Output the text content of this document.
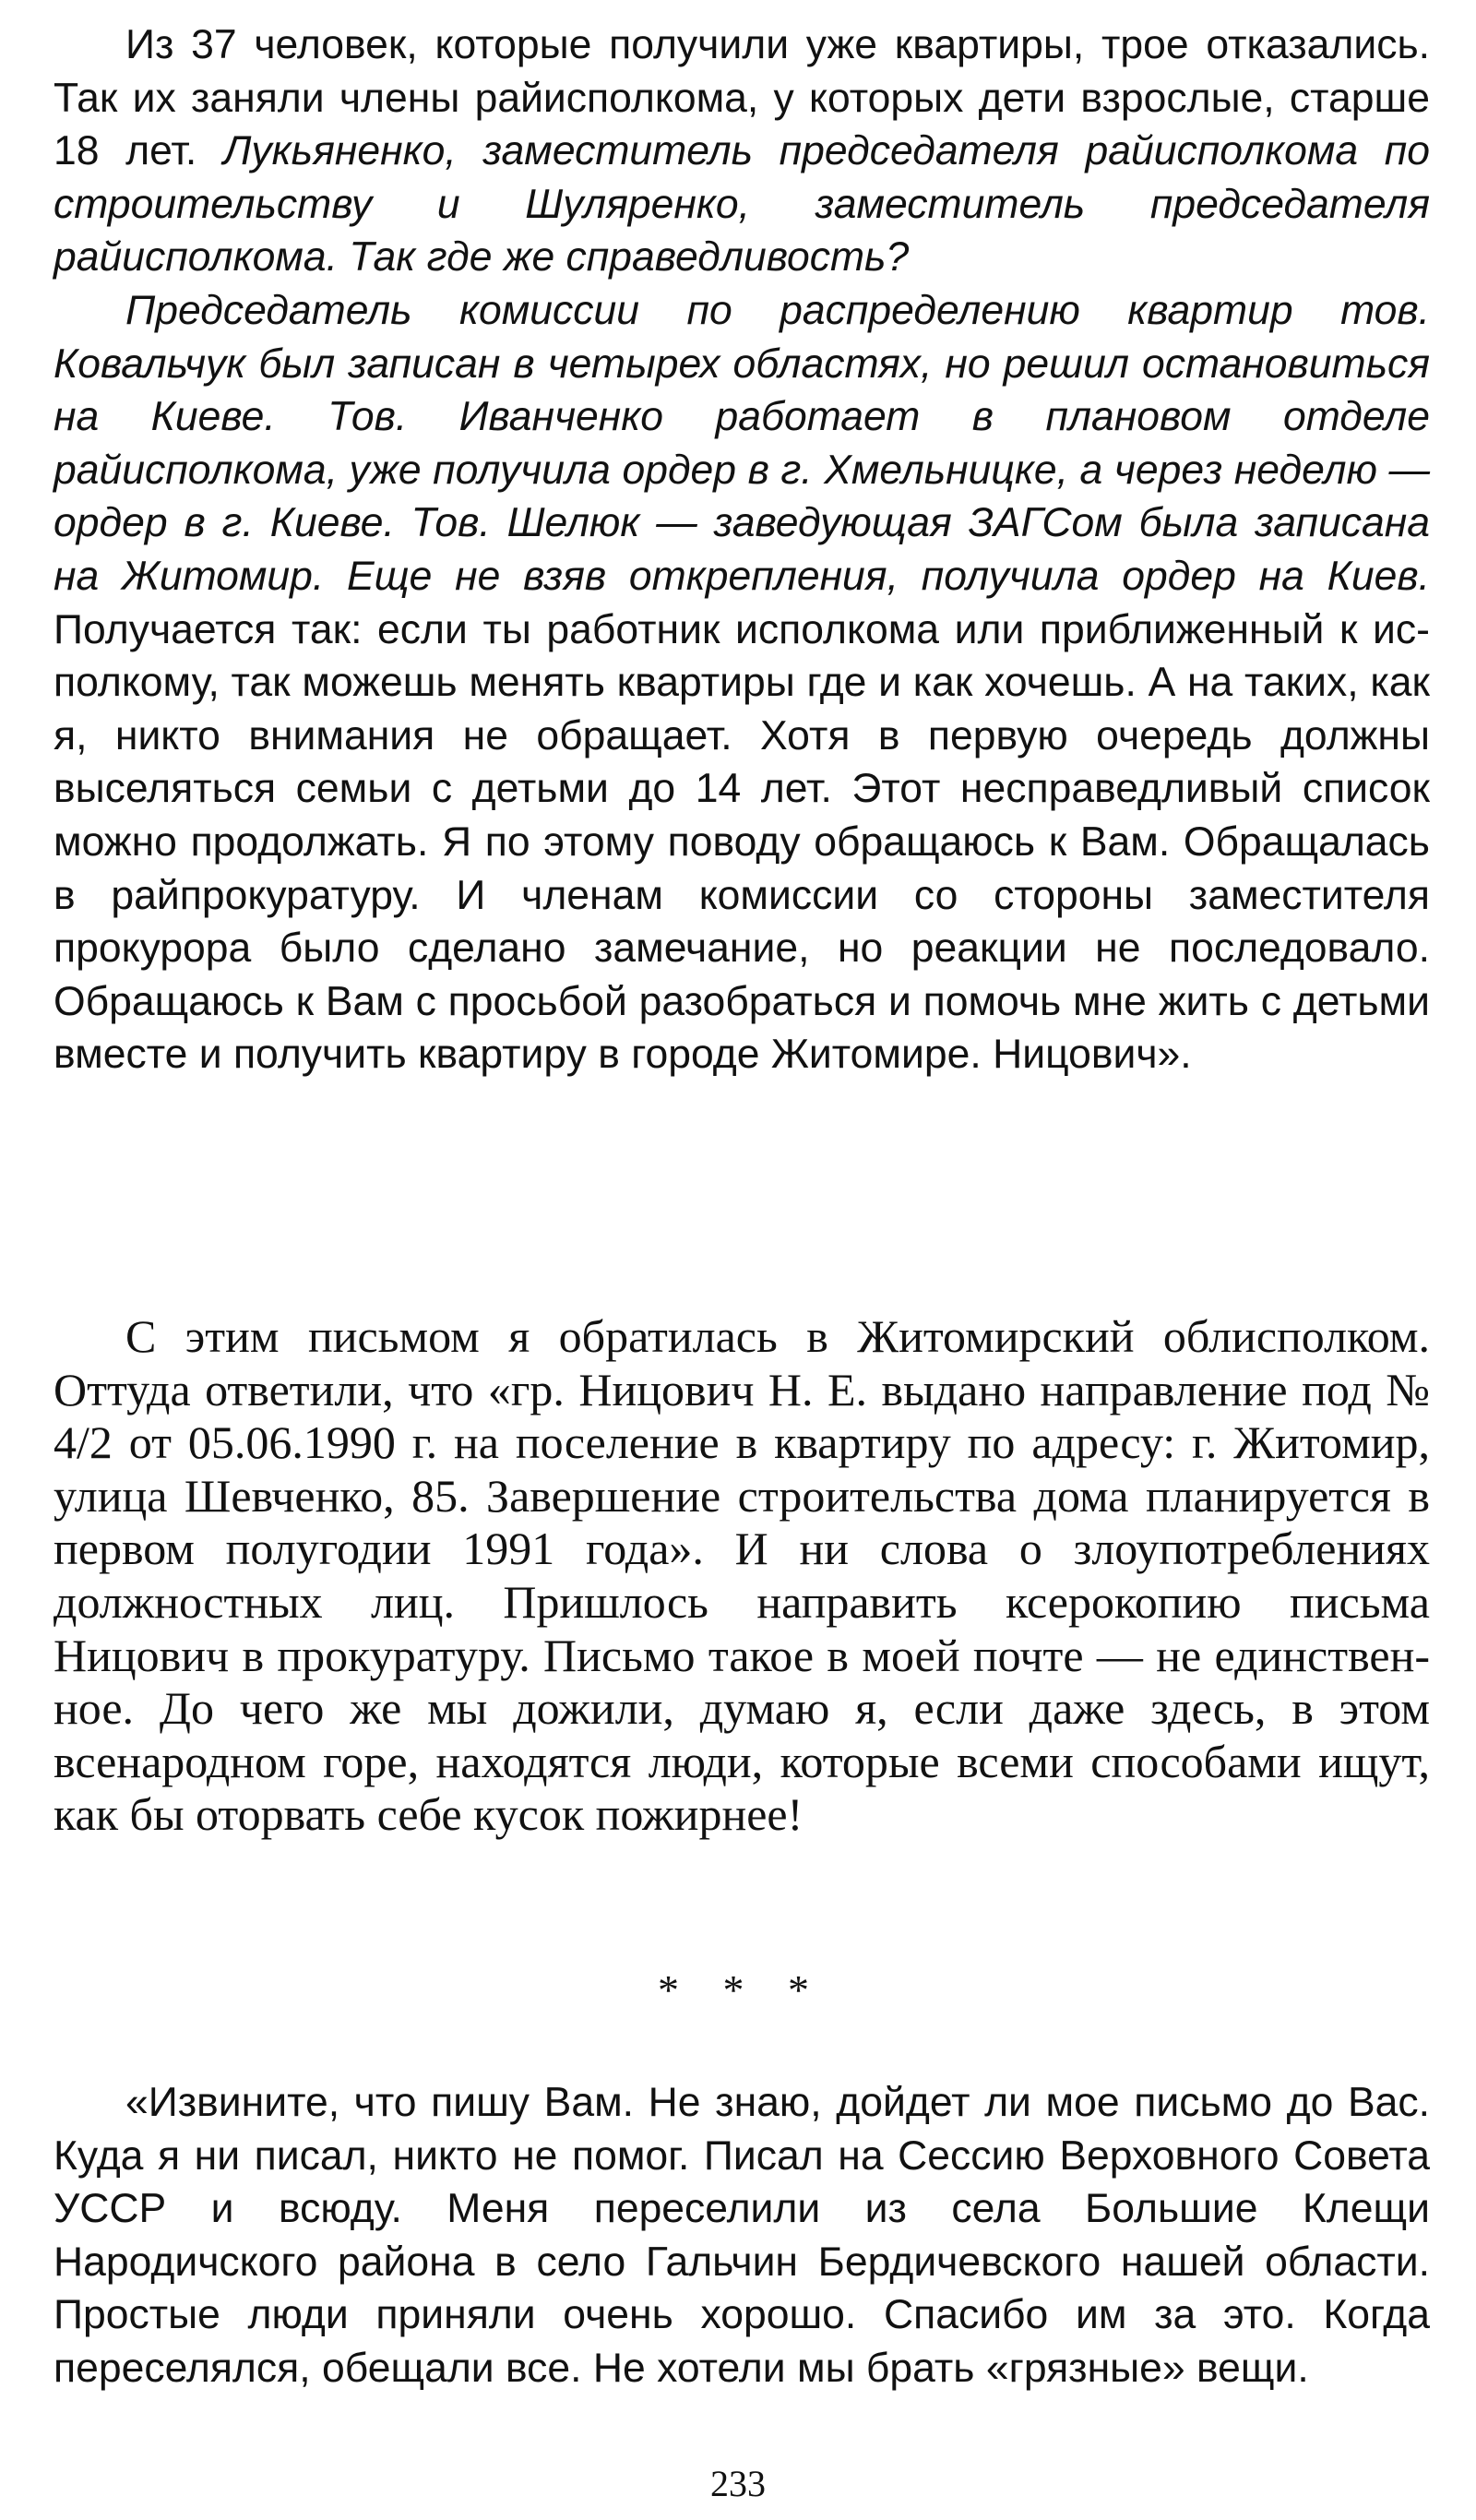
Из 37 человек, которые получили уже квартиры, трое отказались. Так их заняли члены райисполкома, у которых дети взрослые, старше 18 лет. Лукьяненко, заместитель председателя райисполкома по строительству и Шуляренко, заместитель председателя райисполкома. Так где же справедливость?

Председатель комиссии по распределению квартир тов. Ковальчук был записан в четырех областях, но решил остановиться на Киеве. Тов. Иванченко работает в плановом отделе райисполкома, уже получила ордер в г. Хмельницке, а через неделю — ордер в г. Киеве. Тов. Шелюк — заведующая ЗАГСом была записана на Житомир. Еще не взяв открепления, получила ордер на Киев. Получается так: если ты работник исполкома или приближенный к исполкому, так можешь менять квартиры где и как хочешь. А на таких, как я, никто внимания не обращает. Хотя в первую очередь должны выселяться семьи с детьми до 14 лет. Этот несправедливый список можно продолжать. Я по этому поводу обращаюсь к Вам. Обращалась в райпрокуратуру. И членам комиссии со стороны заместителя прокурора было сделано замечание, но реакции не последовало. Обращаюсь к Вам с просьбой разобраться и помочь мне жить с детьми вместе и получить квартиру в городе Житомире. Ницович».

С этим письмом я обратилась в Житомирский облисполком. Оттуда ответили, что «гр. Ницович Н. Е. выдано направление под № 4/2 от 05.06.1990 г. на поселение в квартиру по адресу: г. Житомир, улица Шевченко, 85. Завершение строительства дома планируется в первом полугодии 1991 года». И ни слова о злоупотреблениях должностных лиц. Пришлось направить ксерокопию письма Ницович в прокуратуру. Письмо такое в моей почте — не единственное. До чего же мы дожили, думаю я, если даже здесь, в этом всенародном горе, находятся люди, которые всеми способами ищут, как бы оторвать себе кусок пожирнее!

* * *

«Извините, что пишу Вам. Не знаю, дойдет ли мое письмо до Вас. Куда я ни писал, никто не помог. Писал на Сессию Верховного Совета УССР и всюду. Меня переселили из села Большие Клещи Народичского района в село Гальчин Бердичевского нашей области. Простые люди приняли очень хорошо. Спасибо им за это. Когда переселялся, обещали все. Не хотели мы брать «грязные» вещи.

233
